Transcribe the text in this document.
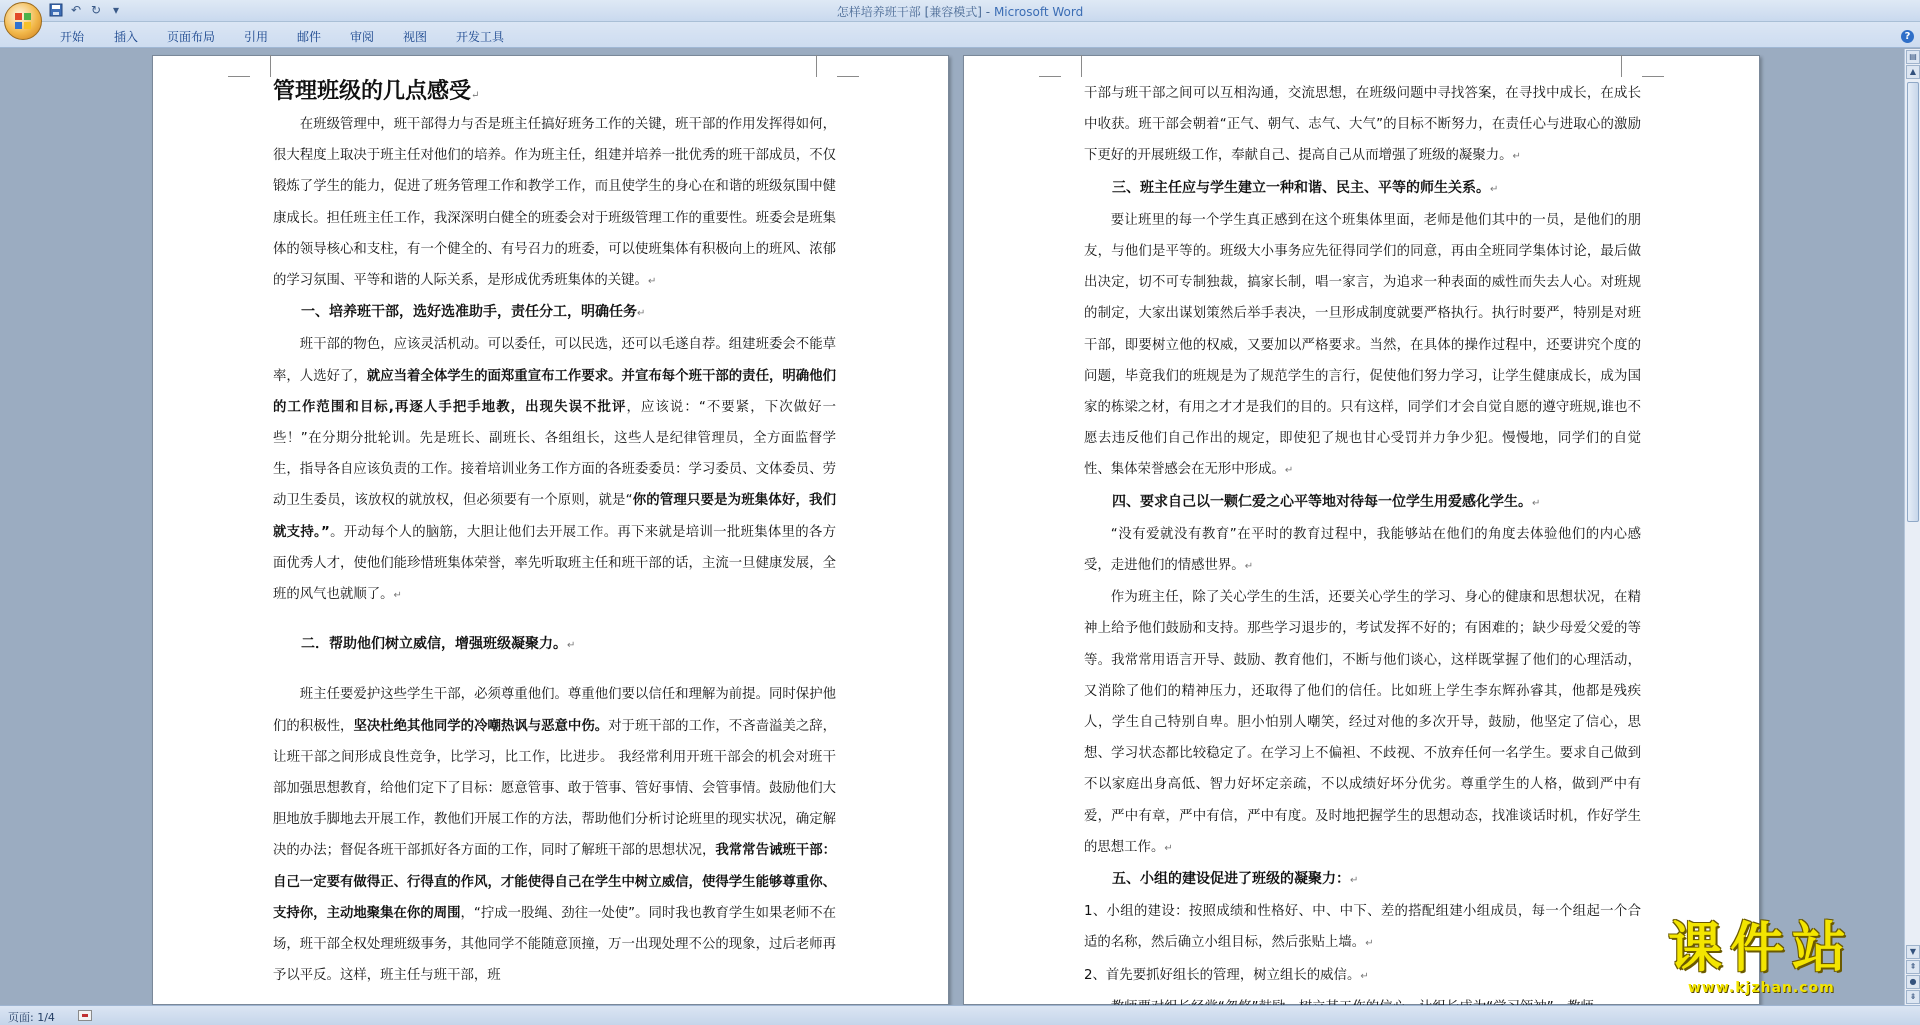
↶ ↻ ▾	怎样培养班干部 [兼容模式] - Microsoft Word
开始 插入 页面布局 引用 邮件 审阅 视图 开发工具	?
管理班级的几点感受↵

在班级管理中，班干部得力与否是班主任搞好班务工作的关键，班干部的作用发挥得如何，很大程度上取决于班主任对他们的培养。作为班主任，组建并培养一批优秀的班干部成员，不仅锻炼了学生的能力，促进了班务管理工作和教学工作，而且使学生的身心在和谐的班级氛围中健康成长。担任班主任工作，我深深明白健全的班委会对于班级管理工作的重要性。班委会是班集体的领导核心和支柱，有一个健全的、有号召力的班委，可以使班集体有积极向上的班风、浓郁的学习氛围、平等和谐的人际关系，是形成优秀班集体的关键。↵

一、培养班干部，选好选准助手，责任分工，明确任务↵

班干部的物色，应该灵活机动。可以委任，可以民选，还可以毛遂自荐。组建班委会不能草率，人选好了，就应当着全体学生的面郑重宣布工作要求。并宣布每个班干部的责任，明确他们的工作范围和目标,再逐人手把手地教，出现失误不批评，应该说：“不要紧，下次做好一些！”在分期分批轮训。先是班长、副班长、各组组长，这些人是纪律管理员，全方面监督学生，指导各自应该负责的工作。接着培训业务工作方面的各班委委员：学习委员、文体委员、劳动卫生委员，该放权的就放权，但必须要有一个原则，就是“你的管理只要是为班集体好，我们就支持。”。开动每个人的脑筋，大胆让他们去开展工作。再下来就是培训一批班集体里的各方面优秀人才，使他们能珍惜班集体荣誉，率先听取班主任和班干部的话，主流一旦健康发展，全班的风气也就顺了。↵

二．帮助他们树立威信，增强班级凝聚力。↵

班主任要爱护这些学生干部，必须尊重他们。尊重他们要以信任和理解为前提。同时保护他们的积极性，坚决杜绝其他同学的冷嘲热讽与恶意中伤。对于班干部的工作，不吝啬溢美之辞，让班干部之间形成良性竞争，比学习，比工作，比进步。 我经常利用开班干部会的机会对班干部加强思想教育，给他们定下了目标：愿意管事、敢于管事、管好事情、会管事情。鼓励他们大胆地放手脚地去开展工作，教他们开展工作的方法，帮助他们分析讨论班里的现实状况，确定解决的办法；督促各班干部抓好各方面的工作，同时了解班干部的思想状况，我常常告诫班干部：自己一定要有做得正、行得直的作风，才能使得自己在学生中树立威信，使得学生能够尊重你、支持你，主动地聚集在你的周围，“拧成一股绳、劲往一处使”。同时我也教育学生如果老师不在场，班干部全权处理班级事务，其他同学不能随意顶撞，万一出现处理不公的现象，过后老师再予以平反。这样，班主任与班干部，班

干部与班干部之间可以互相沟通，交流思想，在班级问题中寻找答案，在寻找中成长，在成长中收获。班干部会朝着“正气、朝气、志气、大气”的目标不断努力，在责任心与进取心的激励下更好的开展班级工作，奉献自己、提高自己从而增强了班级的凝聚力。↵

三、班主任应与学生建立一种和谐、民主、平等的师生关系。↵

要让班里的每一个学生真正感到在这个班集体里面，老师是他们其中的一员，是他们的朋友，与他们是平等的。班级大小事务应先征得同学们的同意，再由全班同学集体讨论，最后做出决定，切不可专制独裁，搞家长制，唱一家言，为追求一种表面的威性而失去人心。对班规的制定，大家出谋划策然后举手表决，一旦形成制度就要严格执行。执行时要严，特别是对班干部，即要树立他的权威，又要加以严格要求。当然，在具体的操作过程中，还要讲究个度的问题，毕竟我们的班规是为了规范学生的言行，促使他们努力学习，让学生健康成长，成为国家的栋梁之材，有用之才才是我们的目的。只有这样，同学们才会自觉自愿的遵守班规,谁也不愿去违反他们自己作出的规定，即使犯了规也甘心受罚并力争少犯。慢慢地，同学们的自觉性、集体荣誉感会在无形中形成。↵

四、要求自己以一颗仁爱之心平等地对待每一位学生用爱感化学生。↵

“没有爱就没有教育”在平时的教育过程中，我能够站在他们的角度去体验他们的内心感受，走进他们的情感世界。↵

作为班主任，除了关心学生的生活，还要关心学生的学习、身心的健康和思想状况，在精神上给予他们鼓励和支持。那些学习退步的，考试发挥不好的；有困难的；缺少母爱父爱的等等。我常常用语言开导、鼓励、教育他们，不断与他们谈心，这样既掌握了他们的心理活动，又消除了他们的精神压力，还取得了他们的信任。比如班上学生李东辉孙睿其，他都是残疾人，学生自己特别自卑。胆小怕别人嘲笑，经过对他的多次开导，鼓励，他坚定了信心，思想、学习状态都比较稳定了。在学习上不偏袒、不歧视、不放弃任何一名学生。要求自己做到不以家庭出身高低、智力好坏定亲疏，不以成绩好坏分优劣。尊重学生的人格，做到严中有爱，严中有章，严中有信，严中有度。及时地把握学生的思想动态，找准谈话时机，作好学生的思想工作。↵

五、小组的建设促进了班级的凝聚力：↵

1、小组的建设：按照成绩和性格好、中、中下、差的搭配组建小组成员，每一个组起一个合适的名称，然后确立小组目标，然后张贴上墙。↵

2、首先要抓好组长的管理，树立组长的威信。↵

▤
▲
▼
⇞
●
⇟
页面: 1/4
课件站
www.kjzhan.com
